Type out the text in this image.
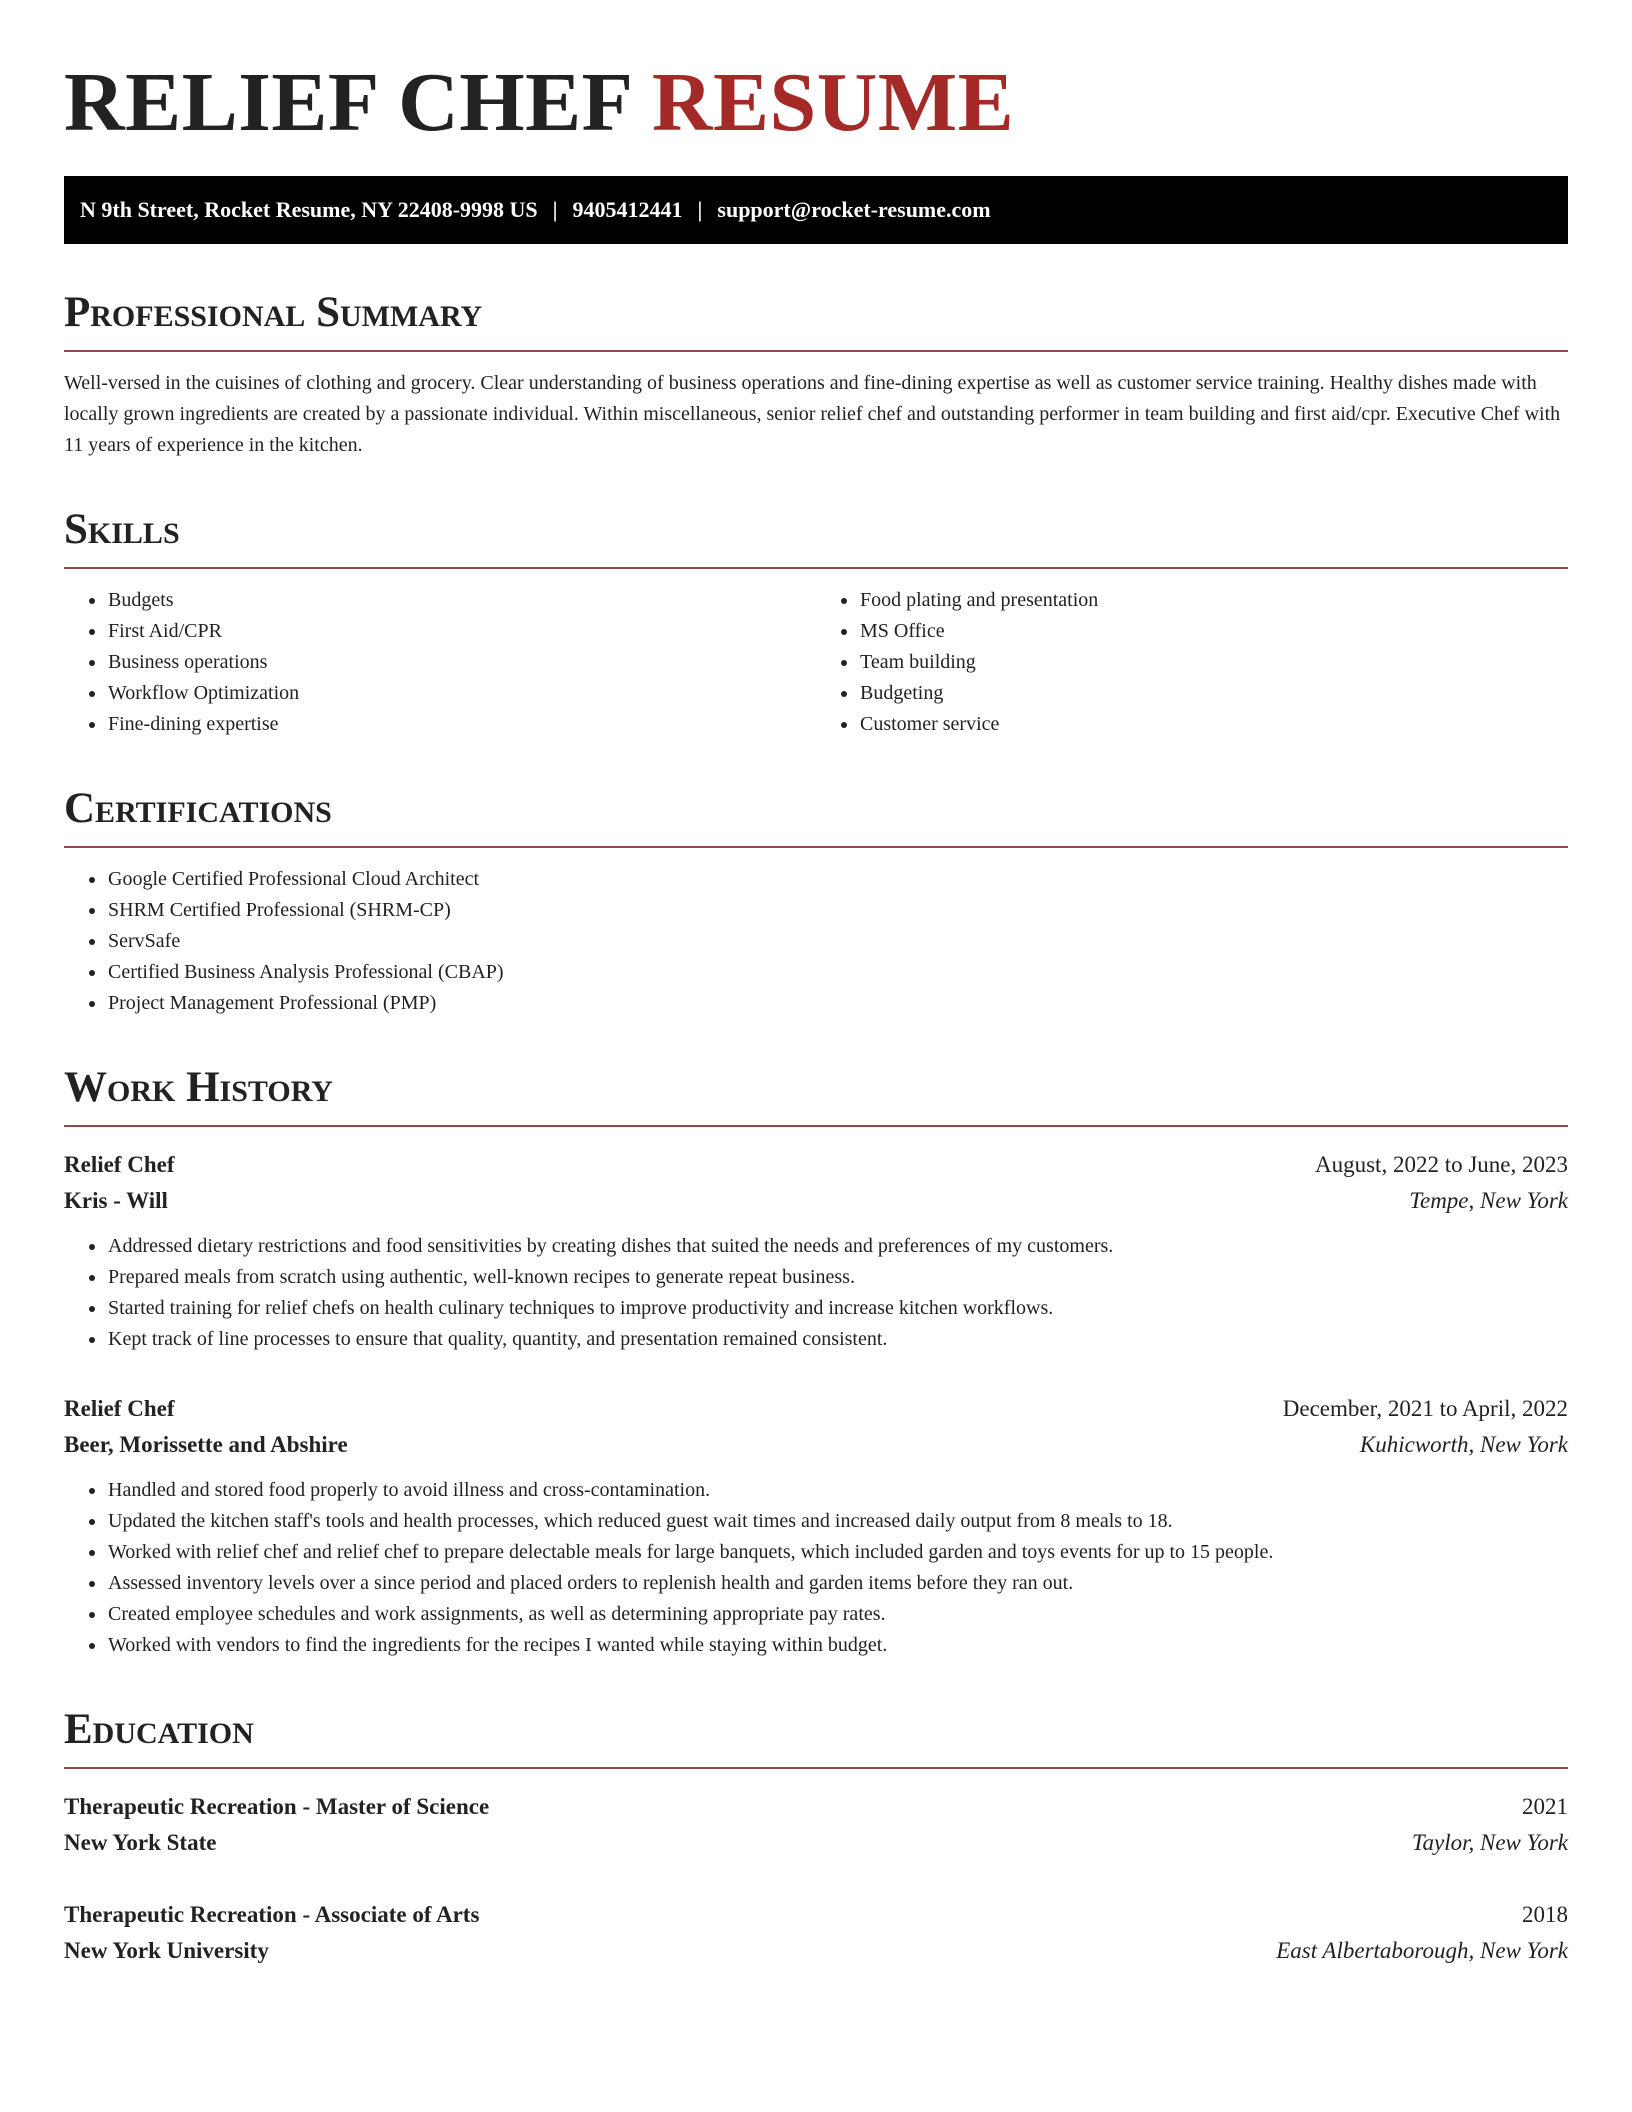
RELIEF CHEF RESUME
N 9th Street, Rocket Resume, NY 22408-9998 US | 9405412441 | support@rocket-resume.com
Professional Summary

Well-versed in the cuisines of clothing and grocery. Clear understanding of business operations and fine-dining expertise as well as customer service training. Healthy dishes made with locally grown ingredients are created by a passionate individual. Within miscellaneous, senior relief chef and outstanding performer in team building and first aid/cpr. Executive Chef with 11 years of experience in the kitchen.

Skills
• Budgets
• First Aid/CPR
• Business operations
• Workflow Optimization
• Fine-dining expertise
• Food plating and presentation
• MS Office
• Team building
• Budgeting
• Customer service
Certifications
• Google Certified Professional Cloud Architect
• SHRM Certified Professional (SHRM-CP)
• ServSafe
• Certified Business Analysis Professional (CBAP)
• Project Management Professional (PMP)
Work History
Relief Chef	August, 2022 to June, 2023
Kris - Will	Tempe, New York
• Addressed dietary restrictions and food sensitivities by creating dishes that suited the needs and preferences of my customers.
• Prepared meals from scratch using authentic, well-known recipes to generate repeat business.
• Started training for relief chefs on health culinary techniques to improve productivity and increase kitchen workflows.
• Kept track of line processes to ensure that quality, quantity, and presentation remained consistent.
Relief Chef	December, 2021 to April, 2022
Beer, Morissette and Abshire	Kuhicworth, New York
• Handled and stored food properly to avoid illness and cross-contamination.
• Updated the kitchen staff's tools and health processes, which reduced guest wait times and increased daily output from 8 meals to 18.
• Worked with relief chef and relief chef to prepare delectable meals for large banquets, which included garden and toys events for up to 15 people.
• Assessed inventory levels over a since period and placed orders to replenish health and garden items before they ran out.
• Created employee schedules and work assignments, as well as determining appropriate pay rates.
• Worked with vendors to find the ingredients for the recipes I wanted while staying within budget.
Education
Therapeutic Recreation - Master of Science	2021
New York State	Taylor, New York
Therapeutic Recreation - Associate of Arts	2018
New York University	East Albertaborough, New York
